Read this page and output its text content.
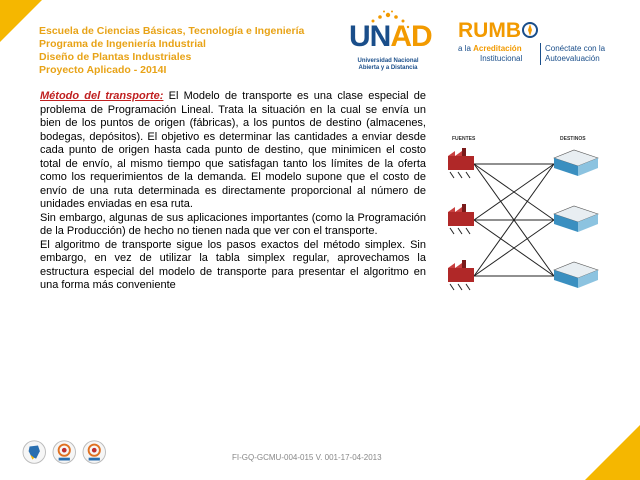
Escuela de Ciencias Básicas, Tecnología e Ingeniería
Programa de Ingeniería Industrial
Diseño de Plantas Industriales
Proyecto Aplicado - 2014I
UNAD
Universidad Nacional
Abierta y a Distancia
RUMB
a la Acreditación
Institucional
Conéctate con la
Autoevaluación

Método del transporte: El Modelo de transporte es una clase especial de problema de Programación Lineal. Trata la situación en la cual se envía un bien de los puntos de origen (fábricas), a los puntos de destino (almacenes, bodegas, depósitos). El objetivo es determinar las cantidades a enviar desde cada punto de origen hasta cada punto de destino, que minimicen el costo total de envío, al mismo tiempo que satisfagan tanto los límites de la oferta como los requerimientos de la demanda. El modelo supone que el costo de envío de una ruta determinada es directamente proporcional al número de unidades enviadas en esa ruta.

Sin embargo, algunas de sus aplicaciones importantes (como la Programación de la Producción) de hecho no tienen nada que ver con el transporte.

El algoritmo de transporte sigue los pasos exactos del método simplex. Sin embargo, en vez de utilizar la tabla simplex regular, aprovechamos la estructura especial del modelo de transporte para presentar el algoritmo en una forma más conveniente

FUENTES	DESTINOS
FI-GQ-GCMU-004-015 V. 001-17-04-2013
